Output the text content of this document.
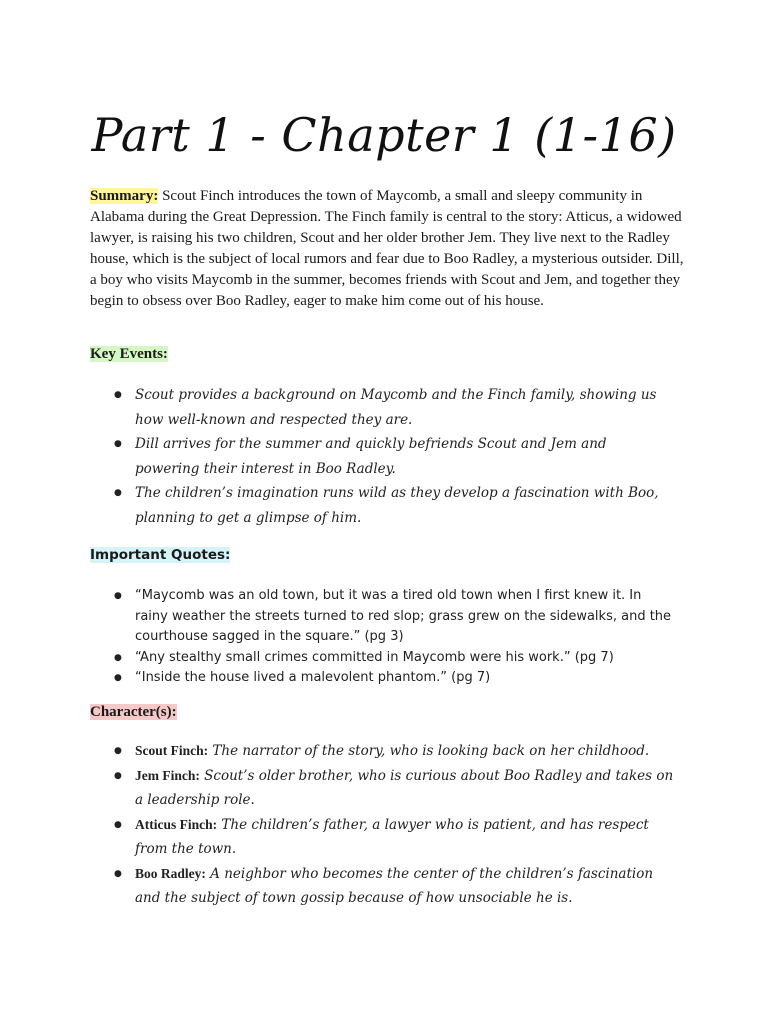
Part 1 - Chapter 1 (1-16)

Summary: Scout Finch introduces the town of Maycomb, a small and sleepy community in Alabama during the Great Depression. The Finch family is central to the story: Atticus, a widowed lawyer, is raising his two children, Scout and her older brother Jem. They live next to the Radley house, which is the subject of local rumors and fear due to Boo Radley, a mysterious outsider. Dill, a boy who visits Maycomb in the summer, becomes friends with Scout and Jem, and together they begin to obsess over Boo Radley, eager to make him come out of his house.

Key Events:

● Scout provides a background on Maycomb and the Finch family, showing us how well-known and respected they are.
● Dill arrives for the summer and quickly befriends Scout and Jem and powering their interest in Boo Radley.
● The children’s imagination runs wild as they develop a fascination with Boo, planning to get a glimpse of him.

Important Quotes:

● “Maycomb was an old town, but it was a tired old town when I first knew it. In rainy weather the streets turned to red slop; grass grew on the sidewalks, and the courthouse sagged in the square.” (pg 3)
● “Any stealthy small crimes committed in Maycomb were his work.” (pg 7)
● “Inside the house lived a malevolent phantom.” (pg 7)

Character(s):

● Scout Finch: The narrator of the story, who is looking back on her childhood.
● Jem Finch: Scout’s older brother, who is curious about Boo Radley and takes on a leadership role.
● Atticus Finch: The children’s father, a lawyer who is patient, and has respect from the town.
● Boo Radley: A neighbor who becomes the center of the children’s fascination and the subject of town gossip because of how unsociable he is.
